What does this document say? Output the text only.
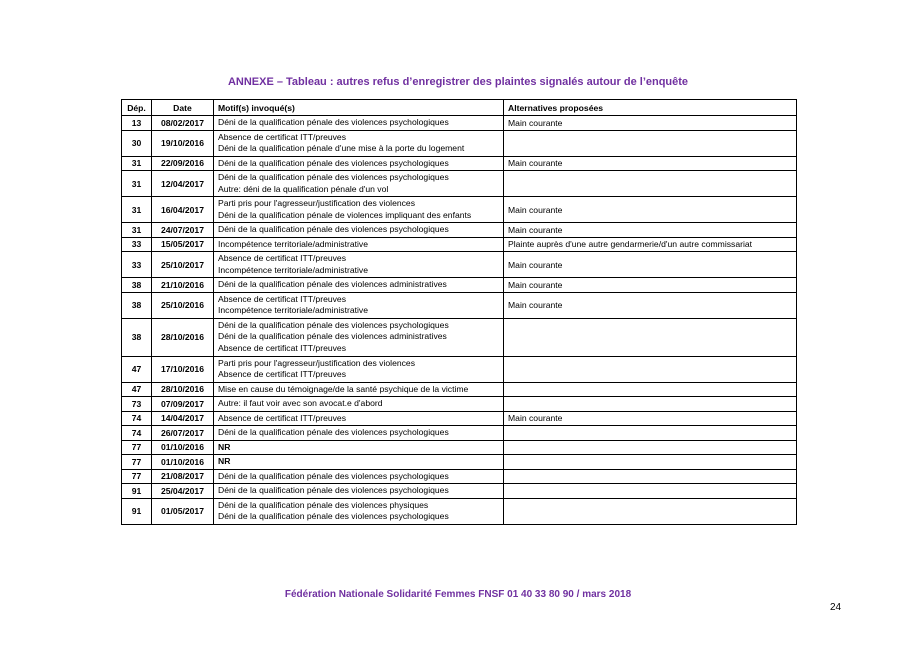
ANNEXE – Tableau : autres refus d’enregistrer des plaintes signalés autour de l’enquête
Dép.	Date	Motif(s) invoqué(s)	Alternatives proposées
13	08/02/2017	Déni de la qualification pénale des violences psychologiques	Main courante
30	19/10/2016	Absence de certificat ITT/preuves
Déni de la qualification pénale d'une mise à la porte du logement	

31	22/09/2016	Déni de la qualification pénale des violences psychologiques	Main courante
31	12/04/2017	Déni de la qualification pénale des violences psychologiques
Autre: déni de la qualification pénale d'un vol	

31	16/04/2017	Parti pris pour l'agresseur/justification des violences
Déni de la qualification pénale de violences impliquant des enfants	Main courante
31	24/07/2017	Déni de la qualification pénale des violences psychologiques	Main courante
33	15/05/2017	Incompétence territoriale/administrative	Plainte auprès d'une autre gendarmerie/d'un autre commissariat
33	25/10/2017	Absence de certificat ITT/preuves
Incompétence territoriale/administrative	Main courante
38	21/10/2016	Déni de la qualification pénale des violences administratives	Main courante
38	25/10/2016	Absence de certificat ITT/preuves
Incompétence territoriale/administrative	Main courante
38	28/10/2016	Déni de la qualification pénale des violences psychologiques
Déni de la qualification pénale des violences administratives
Absence de certificat ITT/preuves	

47	17/10/2016	Parti pris pour l'agresseur/justification des violences
Absence de certificat ITT/preuves	

47	28/10/2016	Mise en cause du témoignage/de la santé psychique de la victime	

73	07/09/2017	Autre: il faut voir avec son avocat.e d'abord	

74	14/04/2017	Absence de certificat ITT/preuves	Main courante
74	26/07/2017	Déni de la qualification pénale des violences psychologiques	

77	01/10/2016	NR	

77	01/10/2016	NR	

77	21/08/2017	Déni de la qualification pénale des violences psychologiques	

91	25/04/2017	Déni de la qualification pénale des violences psychologiques	

91	01/05/2017	Déni de la qualification pénale des violences physiques
Déni de la qualification pénale des violences psychologiques	

Fédération Nationale Solidarité Femmes FNSF 01 40 33 80 90 / mars 2018
24
